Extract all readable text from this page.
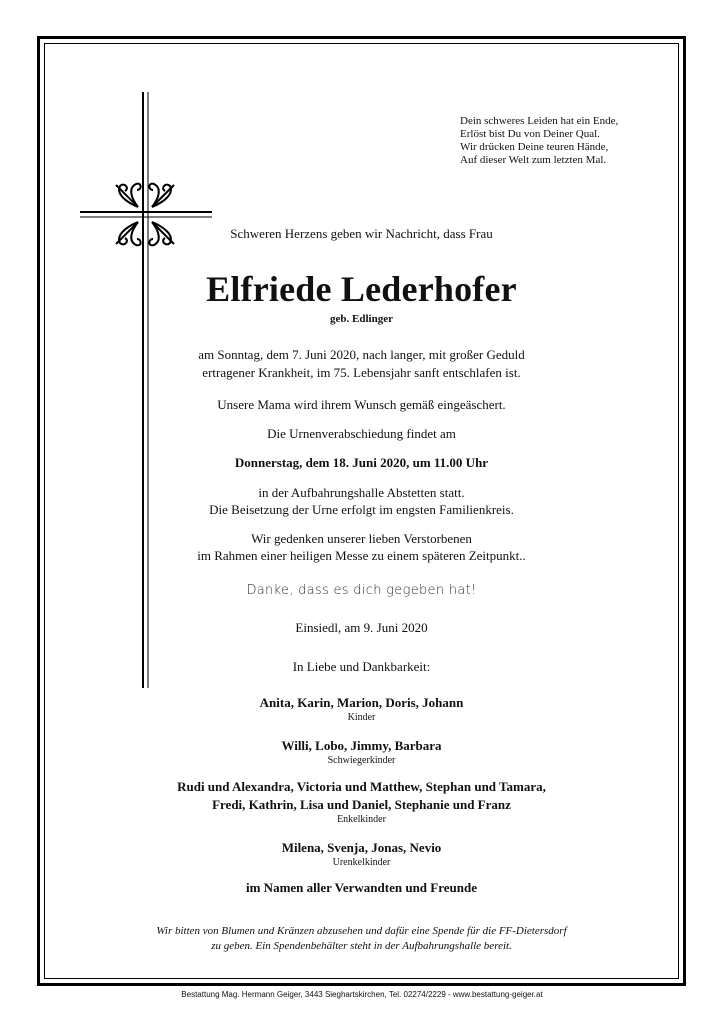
Dein schweres Leiden hat ein Ende,
Erlöst bist Du von Deiner Qual.
Wir drücken Deine teuren Hände,
Auf dieser Welt zum letzten Mal.
Schweren Herzens geben wir Nachricht, dass Frau
Elfriede Lederhofer
geb. Edlinger
am Sonntag, dem 7. Juni 2020, nach langer, mit großer Geduld
ertragener Krankheit, im 75. Lebensjahr sanft entschlafen ist.
Unsere Mama wird ihrem Wunsch gemäß eingeäschert.
Die Urnenverabschiedung findet am
Donnerstag, dem 18. Juni 2020, um 11.00 Uhr
in der Aufbahrungshalle Abstetten statt.
Die Beisetzung der Urne erfolgt im engsten Familienkreis.
Wir gedenken unserer lieben Verstorbenen
im Rahmen einer heiligen Messe zu einem späteren Zeitpunkt..
Danke, dass es dich gegeben hat!
Einsiedl, am 9. Juni 2020
In Liebe und Dankbarkeit:
Anita, Karin, Marion, Doris, Johann
Kinder
Willi, Lobo, Jimmy, Barbara
Schwiegerkinder
Rudi und Alexandra, Victoria und Matthew, Stephan und Tamara,
Fredi, Kathrin, Lisa und Daniel, Stephanie und Franz
Enkelkinder
Milena, Svenja, Jonas, Nevio
Urenkelkinder
im Namen aller Verwandten und Freunde
Wir bitten von Blumen und Kränzen abzusehen und dafür eine Spende für die FF-Dietersdorf
zu geben. Ein Spendenbehälter steht in der Aufbahrungshalle bereit.
Bestattung Mag. Hermann Geiger, 3443 Sieghartskirchen, Tel. 02274/2229 - www.bestattung-geiger.at
